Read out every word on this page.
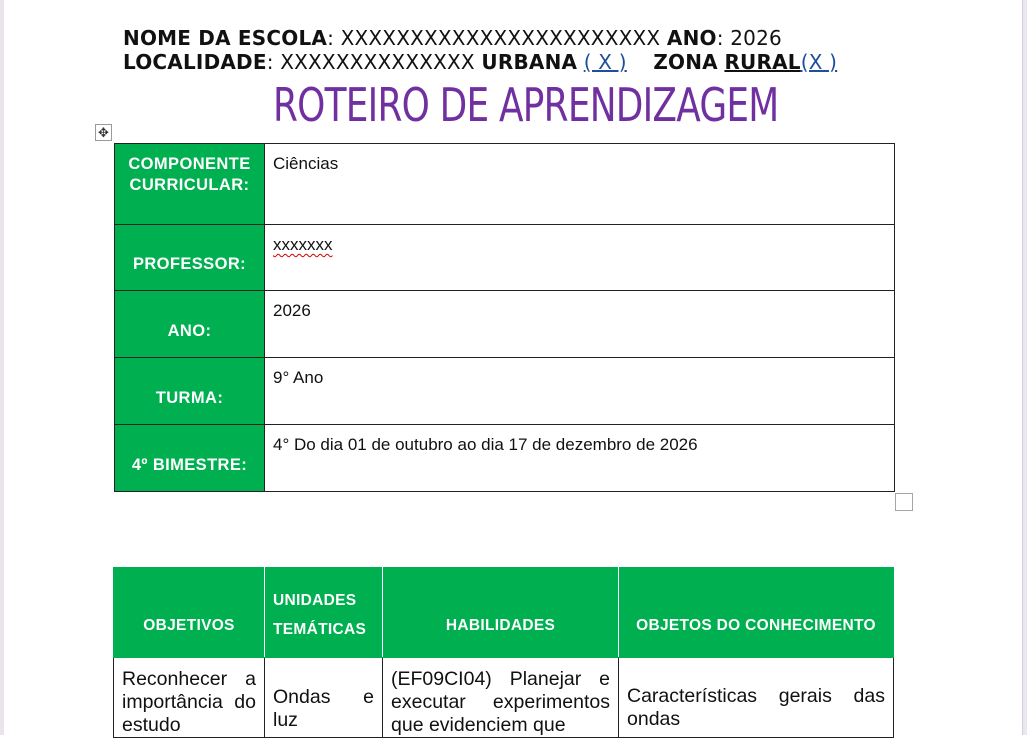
NOME DA ESCOLA: XXXXXXXXXXXXXXXXXXXXXXX ANO: 2026
LOCALIDADE: XXXXXXXXXXXXXX URBANA ( X ) ZONA RURAL(X )
ROTEIRO DE APRENDIZAGEM
✥
COMPONENTE CURRICULAR:	Ciências
PROFESSOR:	xxxxxxx
ANO:	2026
TURMA:	9° Ano
4º BIMESTRE:	4° Do dia 01 de outubro ao dia 17 de dezembro de 2026
OBJETIVOS	UNIDADES TEMÁTICAS	HABILIDADES	OBJETOS DO CONHECIMENTO
Reconhecer a importância do estudo	Ondas e luz	(EF09CI04) Planejar e executar experimentos que evidenciem que	Características gerais das ondas
